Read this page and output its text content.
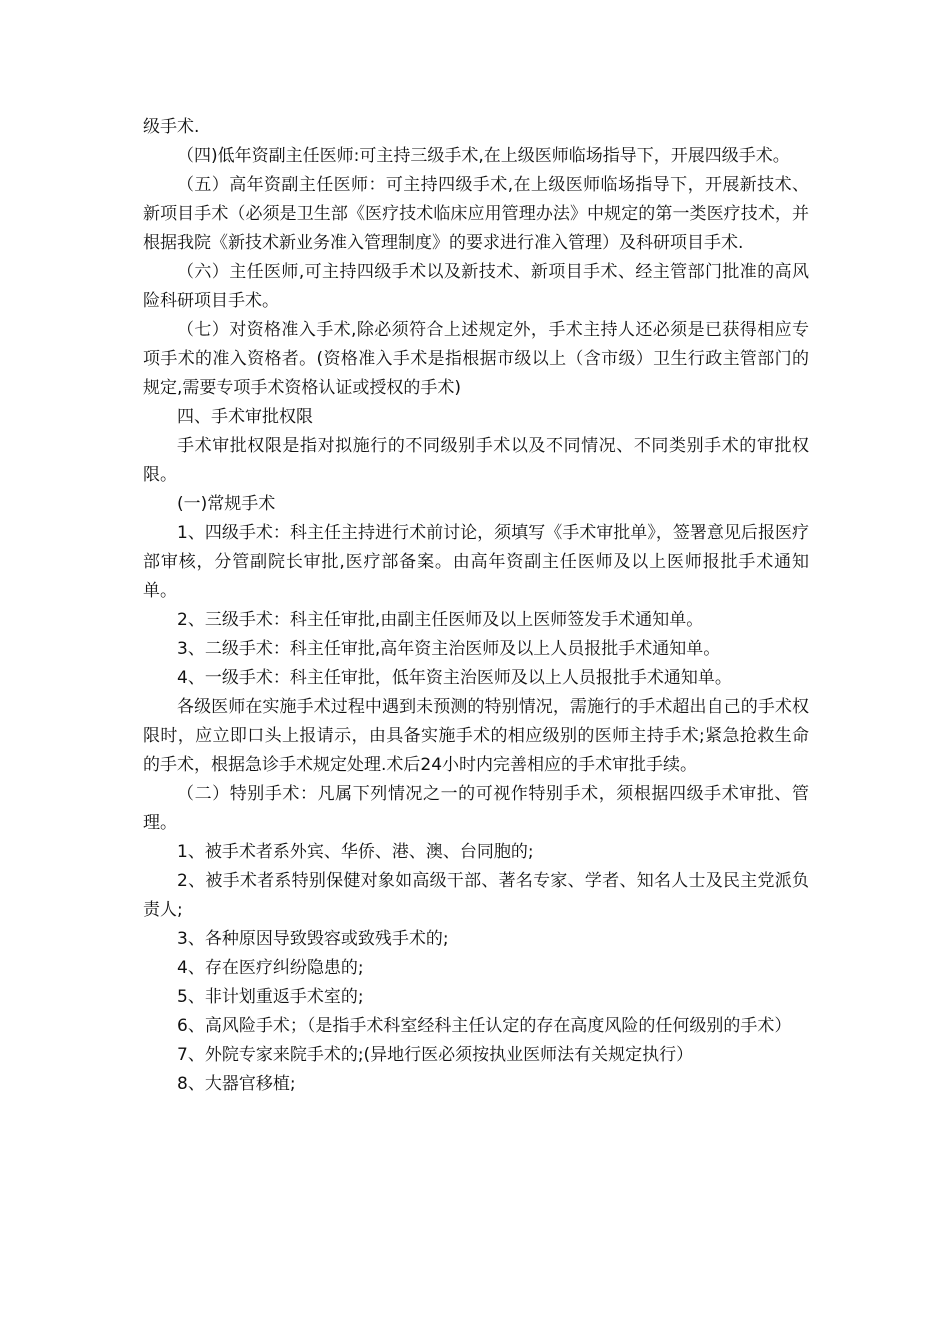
级手术.

（四)低年资副主任医师:可主持三级手术,在上级医师临场指导下，开展四级手术。

（五）高年资副主任医师：可主持四级手术,在上级医师临场指导下，开展新技术、新项目手术（必须是卫生部《医疗技术临床应用管理办法》中规定的第一类医疗技术，并根据我院《新技术新业务准入管理制度》的要求进行准入管理）及科研项目手术.

（六）主任医师,可主持四级手术以及新技术、新项目手术、经主管部门批准的高风险科研项目手术。

（七）对资格准入手术,除必须符合上述规定外，手术主持人还必须是已获得相应专项手术的准入资格者。(资格准入手术是指根据市级以上（含市级）卫生行政主管部门的规定,需要专项手术资格认证或授权的手术)

四、手术审批权限

手术审批权限是指对拟施行的不同级别手术以及不同情况、不同类别手术的审批权限。

(一)常规手术

1、四级手术：科主任主持进行术前讨论，须填写《手术审批单》，签署意见后报医疗部审核，分管副院长审批,医疗部备案。由高年资副主任医师及以上医师报批手术通知单。

2、三级手术：科主任审批,由副主任医师及以上医师签发手术通知单。

3、二级手术：科主任审批,高年资主治医师及以上人员报批手术通知单。

4、一级手术：科主任审批，低年资主治医师及以上人员报批手术通知单。

各级医师在实施手术过程中遇到未预测的特别情况，需施行的手术超出自己的手术权限时，应立即口头上报请示，由具备实施手术的相应级别的医师主持手术;紧急抢救生命的手术，根据急诊手术规定处理.术后24小时内完善相应的手术审批手续。

（二）特别手术：凡属下列情况之一的可视作特别手术，须根据四级手术审批、管理。

1、被手术者系外宾、华侨、港、澳、台同胞的;

2、被手术者系特别保健对象如高级干部、著名专家、学者、知名人士及民主党派负责人;

3、各种原因导致毁容或致残手术的;

4、存在医疗纠纷隐患的;

5、非计划重返手术室的;

6、高风险手术；（是指手术科室经科主任认定的存在高度风险的任何级别的手术）

7、外院专家来院手术的;(异地行医必须按执业医师法有关规定执行）

8、大器官移植;
